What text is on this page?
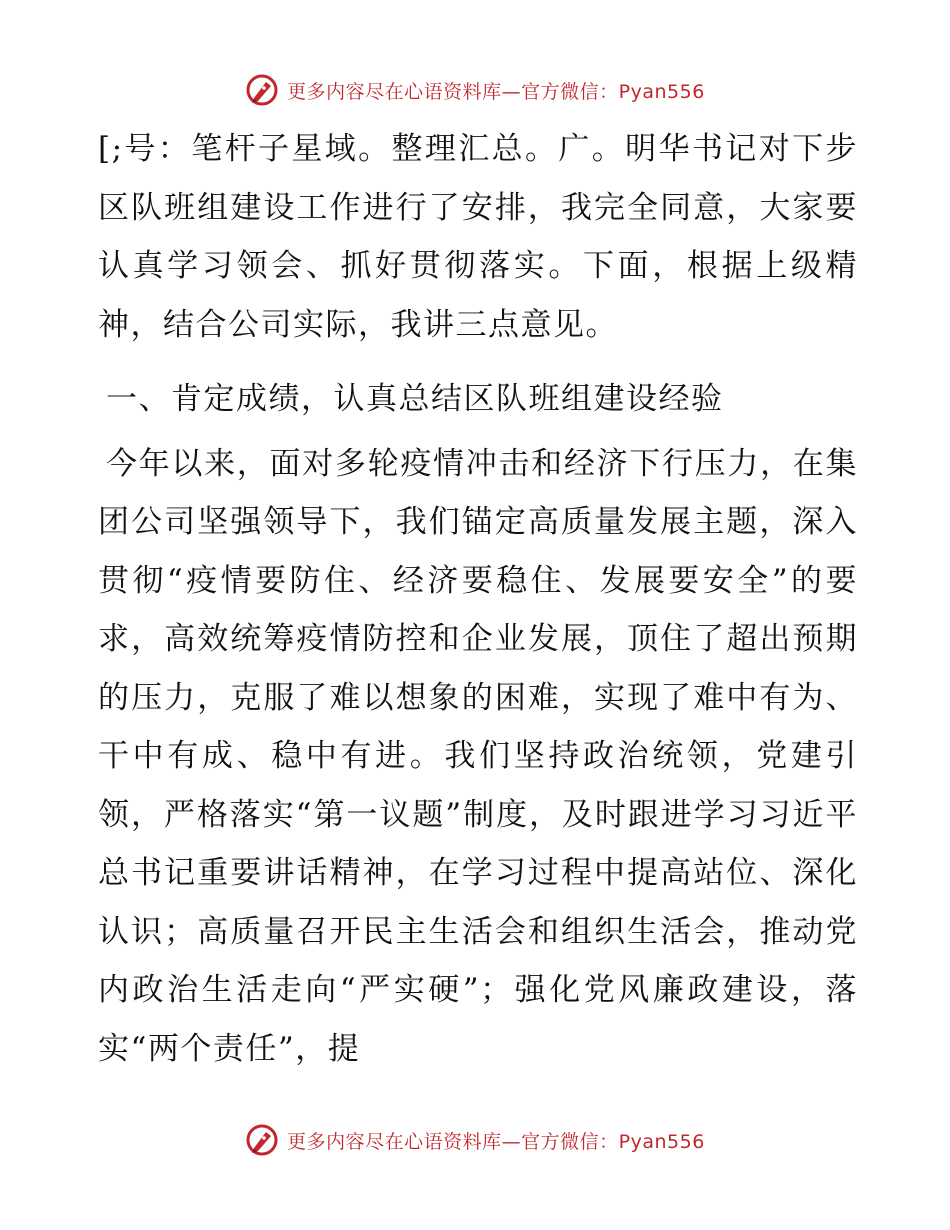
更多内容尽在心语资料库—官方微信：Pyan556

[;号：笔杆子星域。整理汇总。广。明华书记对下步区队班组建设工作进行了安排，我完全同意，大家要认真学习领会、抓好贯彻落实。下面，根据上级精神，结合公司实际，我讲三点意见。

一、肯定成绩，认真总结区队班组建设经验

今年以来，面对多轮疫情冲击和经济下行压力，在集团公司坚强领导下，我们锚定高质量发展主题，深入贯彻“疫情要防住、经济要稳住、发展要安全”的要求，高效统筹疫情防控和企业发展，顶住了超出预期的压力，克服了难以想象的困难，实现了难中有为、干中有成、稳中有进。我们坚持政治统领，党建引领，严格落实“第一议题”制度，及时跟进学习习近平总书记重要讲话精神，在学习过程中提高站位、深化认识；高质量召开民主生活会和组织生活会，推动党内政治生活走向“严实硬”；强化党风廉政建设，落实“两个责任”，提

更多内容尽在心语资料库—官方微信：Pyan556
